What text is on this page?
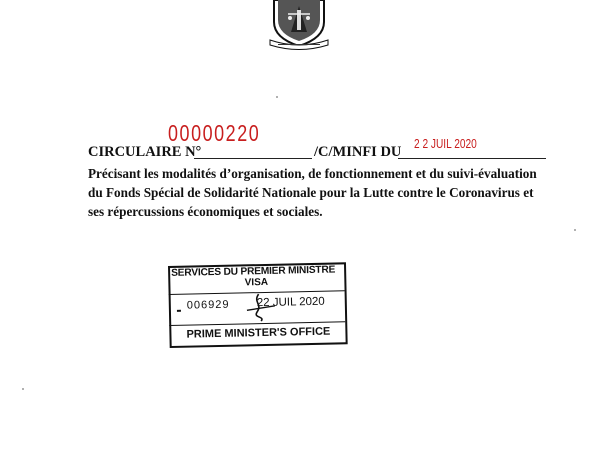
CIRCULAIRE N°
00000220
/C/MINFI DU
2 2 JUIL 2020
Précisant les modalités d’organisation, de fonctionnement et du suivi-évaluation
du Fonds Spécial de Solidarité Nationale pour la Lutte contre le Coronavirus et
ses répercussions économiques et sociales.
SERVICES DU PREMIER MINISTRE
VISA
006929 22 JUIL 2020
PRIME MINISTER'S OFFICE
